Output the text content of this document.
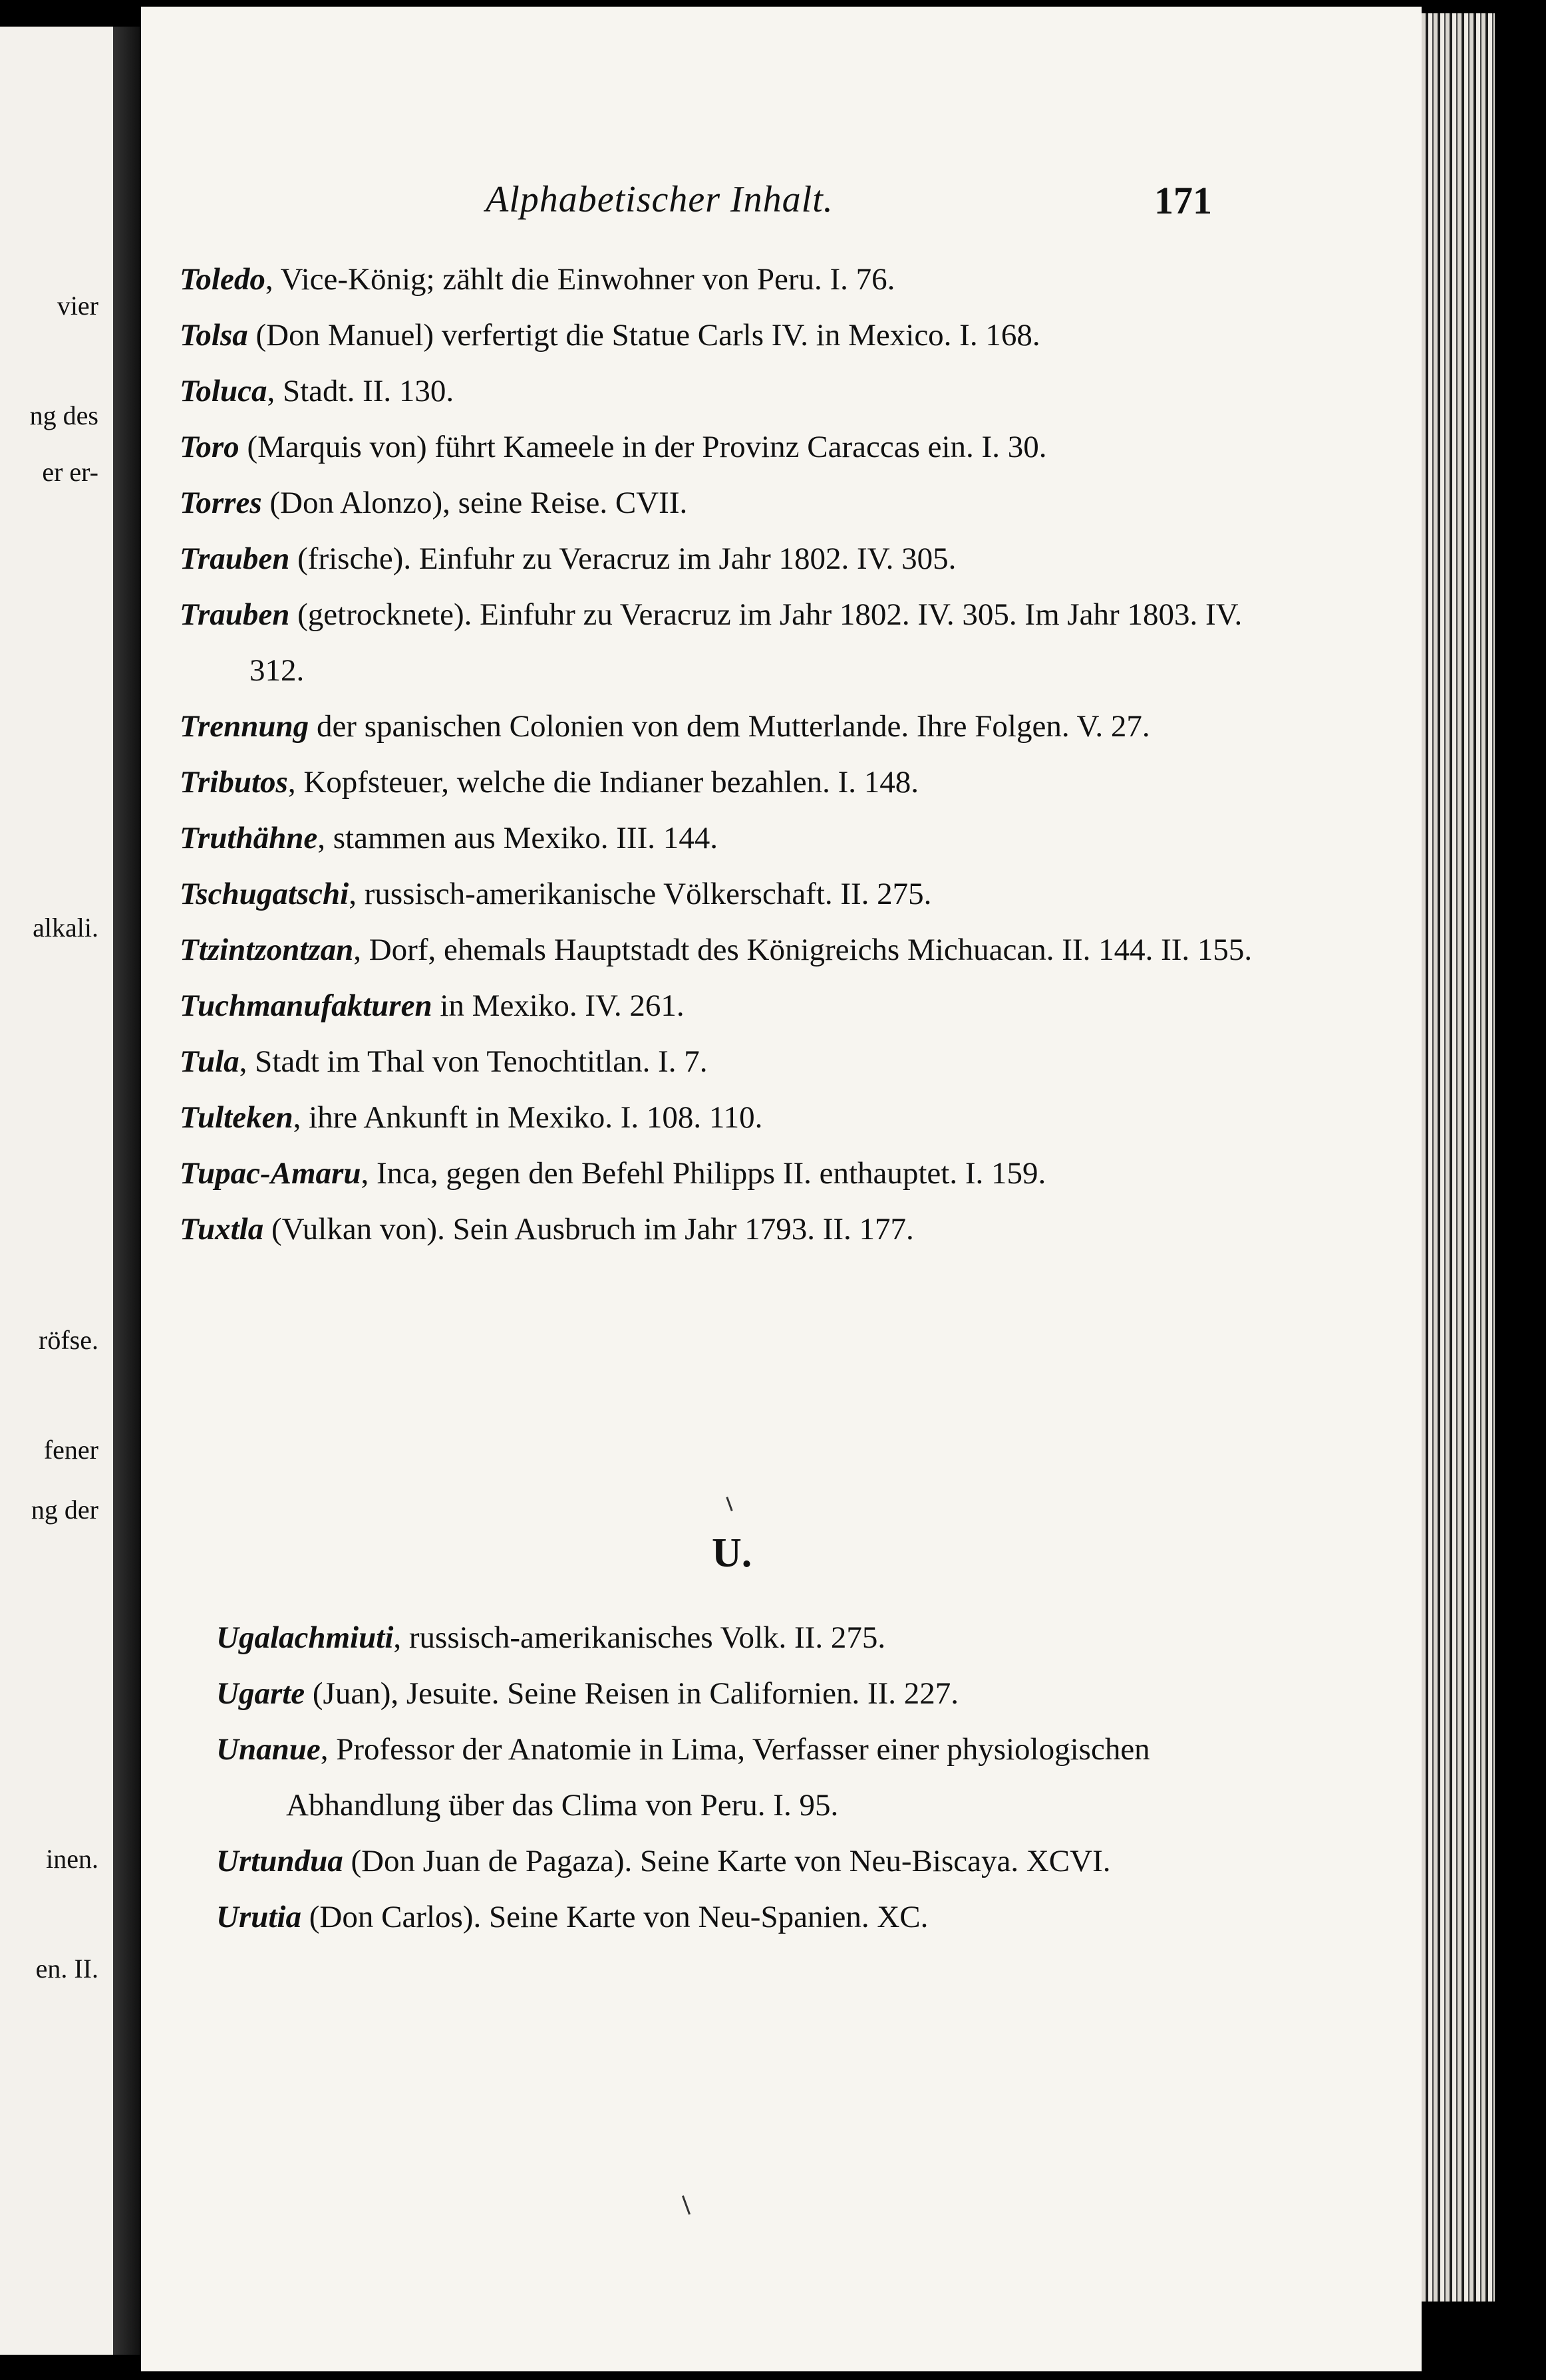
vier
ng des
er er-
alkali.
röfse.
fener
ng der
inen.
en. II.
Alphabetischer Inhalt.	171
Toledo, Vice-König; zählt die Einwohner von Peru. I. 76.
Tolsa (Don Manuel) verfertigt die Statue Carls IV. in Mexico. I. 168.
Toluca, Stadt. II. 130.
Toro (Marquis von) führt Kameele in der Provinz Caraccas ein. I. 30.
Torres (Don Alonzo), seine Reise. CVII.
Trauben (frische). Einfuhr zu Veracruz im Jahr 1802. IV. 305.
Trauben (getrocknete). Einfuhr zu Veracruz im Jahr 1802. IV. 305. Im Jahr 1803. IV. 312.
Trennung der spanischen Colonien von dem Mutterlande. Ihre Folgen. V. 27.
Tributos, Kopfsteuer, welche die Indianer bezahlen. I. 148.
Truthähne, stammen aus Mexiko. III. 144.
Tschugatschi, russisch-amerikanische Völkerschaft. II. 275.
Ttzintzontzan, Dorf, ehemals Hauptstadt des Königreichs Michuacan. II. 144. II. 155.
Tuchmanufakturen in Mexiko. IV. 261.
Tula, Stadt im Thal von Tenochtitlan. I. 7.
Tulteken, ihre Ankunft in Mexiko. I. 108. 110.
Tupac-Amaru, Inca, gegen den Befehl Philipps II. enthauptet. I. 159.
Tuxtla (Vulkan von). Sein Ausbruch im Jahr 1793. II. 177.
U.
Ugalachmiuti, russisch-amerikanisches Volk. II. 275.
Ugarte (Juan), Jesuite. Seine Reisen in Californien. II. 227.
Unanue, Professor der Anatomie in Lima, Verfasser einer physiologischen Abhandlung über das Clima von Peru. I. 95.
Urtundua (Don Juan de Pagaza). Seine Karte von Neu-Biscaya. XCVI.
Urutia (Don Carlos). Seine Karte von Neu-Spanien. XC.
